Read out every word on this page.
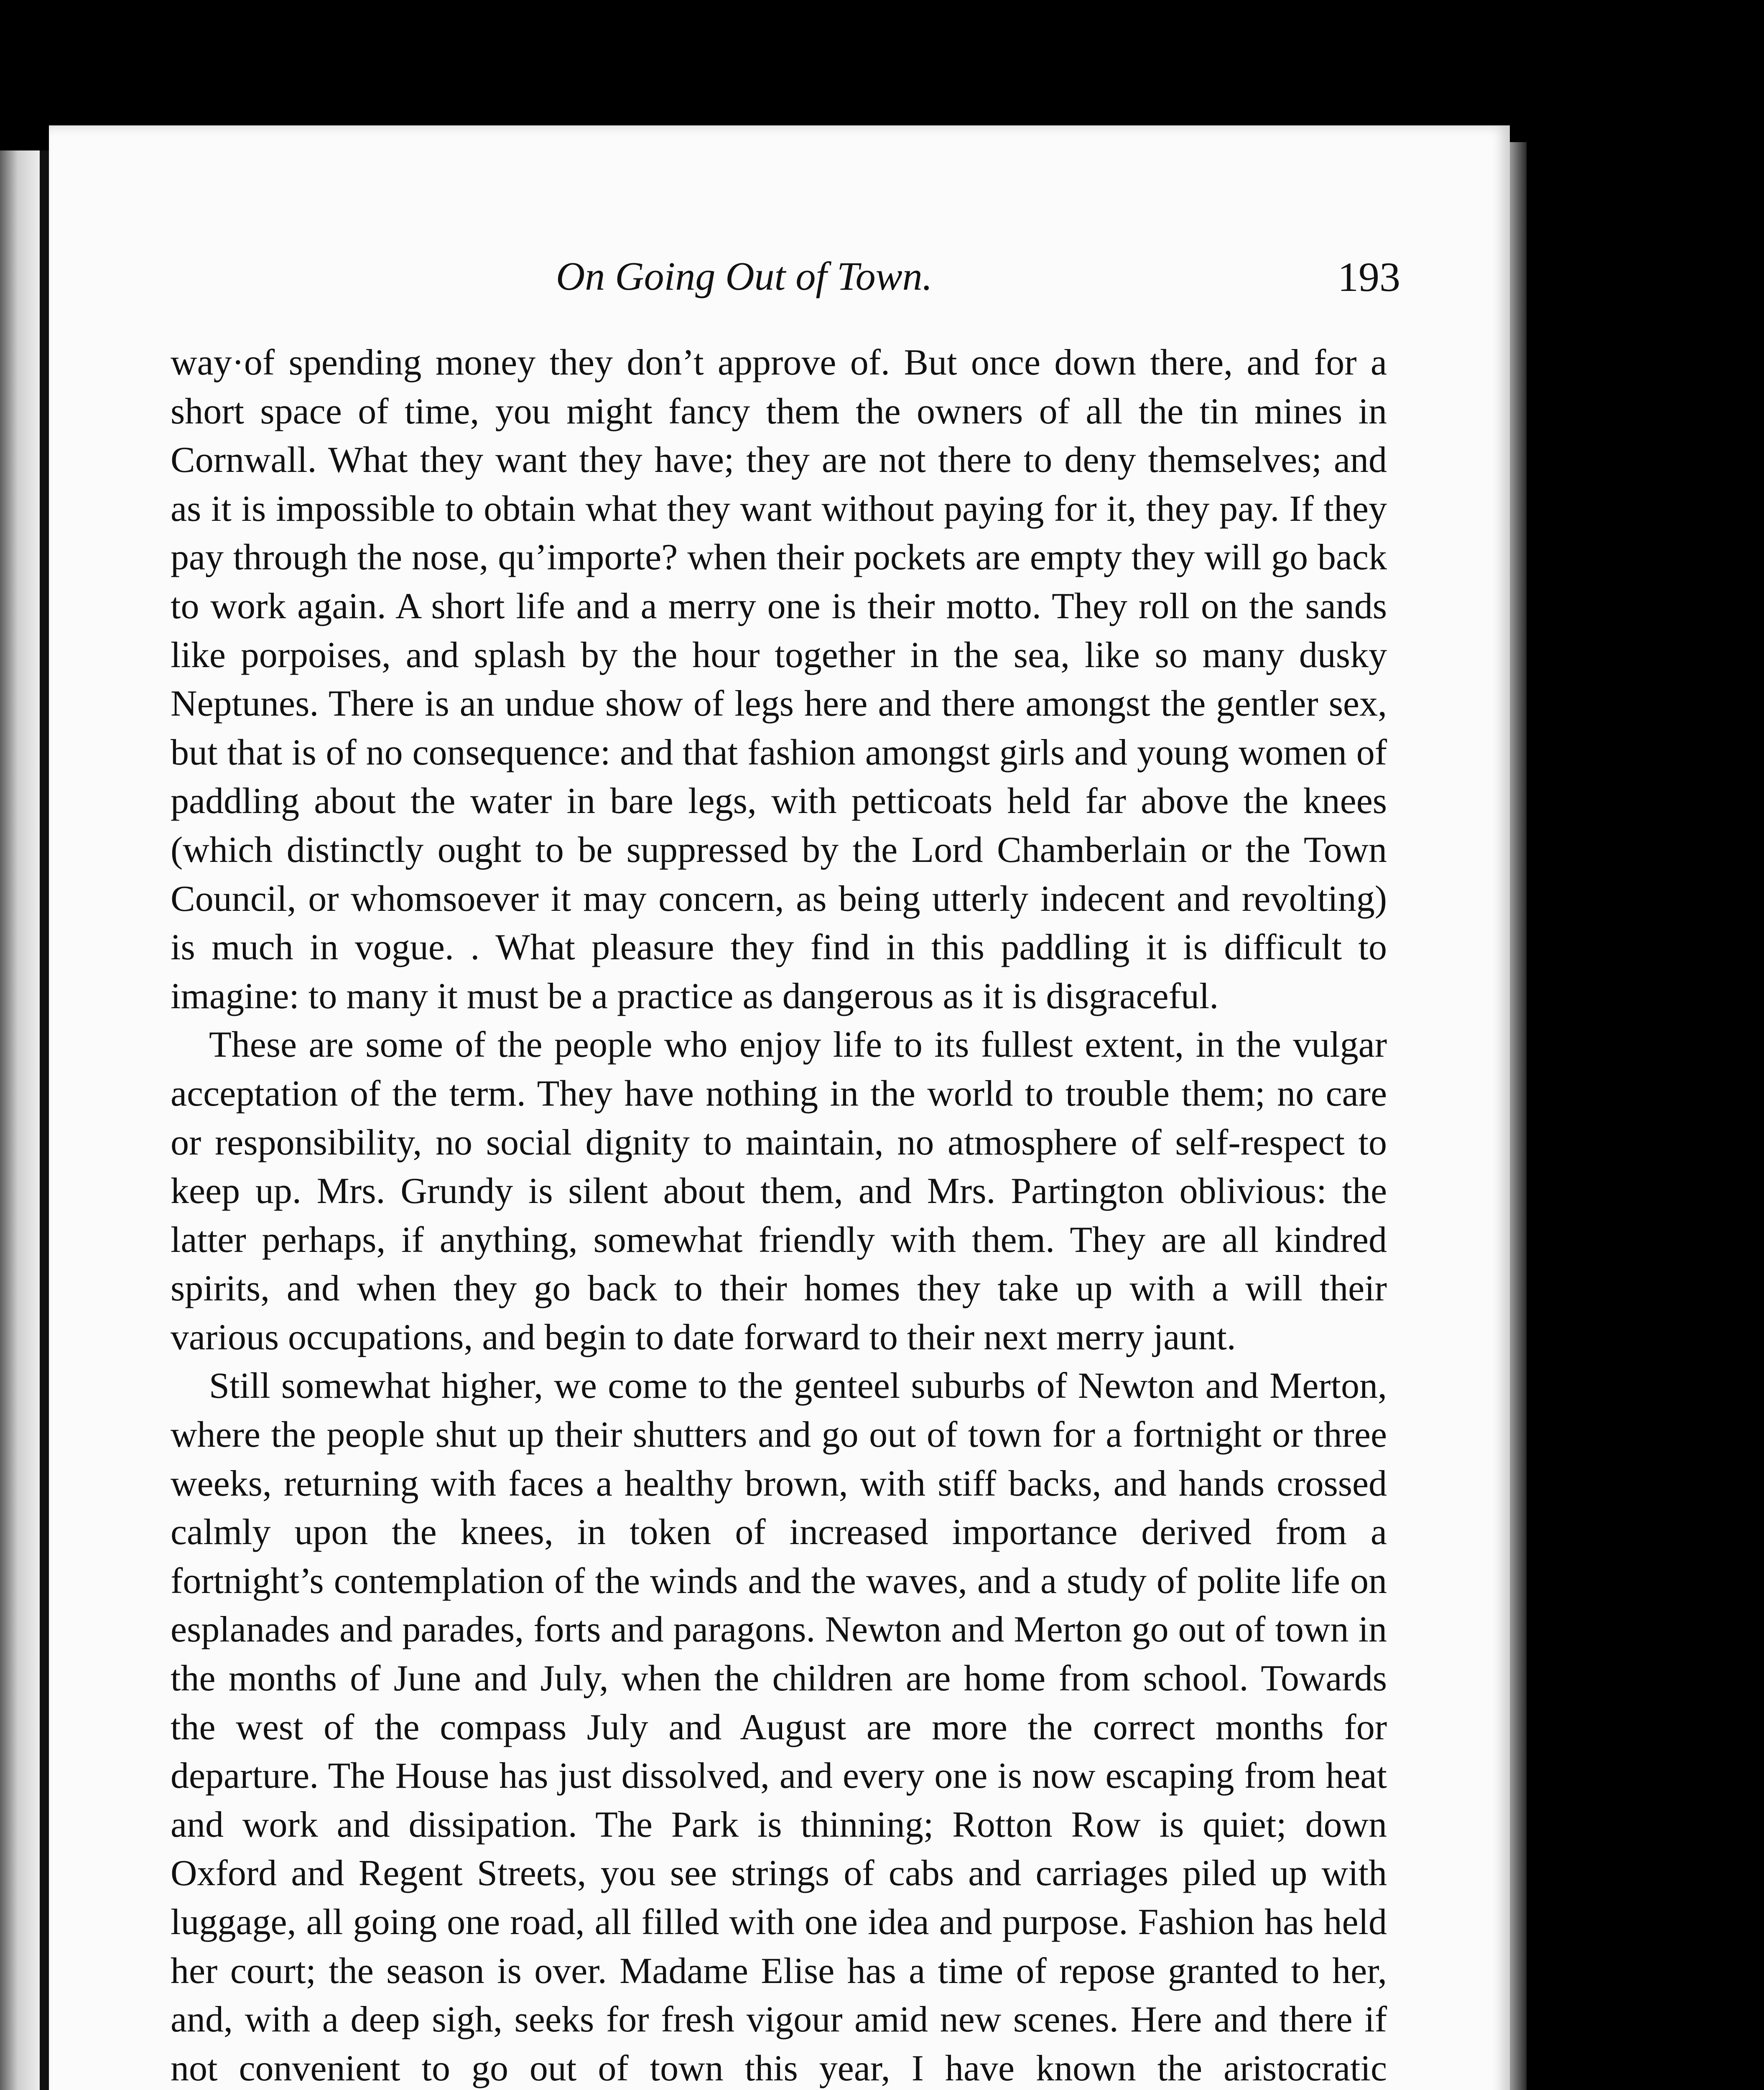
On Going Out of Town.	193

way·of spending money they don’t approve of. But once down there, and for a short space of time, you might fancy them the owners of all the tin mines in Cornwall. What they want they have; they are not there to deny themselves; and as it is impossible to obtain what they want without paying for it, they pay. If they pay through the nose, qu’importe? when their pockets are empty they will go back to work again. A short life and a merry one is their motto. They roll on the sands like porpoises, and splash by the hour together in the sea, like so many dusky Neptunes. There is an undue show of legs here and there amongst the gentler sex, but that is of no consequence: and that fashion amongst girls and young women of paddling about the water in bare legs, with petticoats held far above the knees (which distinctly ought to be suppressed by the Lord Chamberlain or the Town Council, or whomsoever it may concern, as being utterly indecent and revolting) is much in vogue. . What pleasure they find in this paddling it is difficult to imagine: to many it must be a practice as dangerous as it is disgraceful.

These are some of the people who enjoy life to its fullest extent, in the vulgar acceptation of the term. They have nothing in the world to trouble them; no care or responsibility, no social dignity to maintain, no atmosphere of self-respect to keep up. Mrs. Grundy is silent about them, and Mrs. Partington oblivious: the latter perhaps, if anything, somewhat friendly with them. They are all kindred spirits, and when they go back to their homes they take up with a will their various occupations, and begin to date forward to their next merry jaunt.

Still somewhat higher, we come to the genteel suburbs of Newton and Merton, where the people shut up their shutters and go out of town for a fortnight or three weeks, returning with faces a healthy brown, with stiff backs, and hands crossed calmly upon the knees, in token of increased importance derived from a fortnight’s contemplation of the winds and the waves, and a study of polite life on esplanades and parades, forts and paragons. Newton and Merton go out of town in the months of June and July, when the children are home from school. Towards the west of the compass July and August are more the correct months for departure. The House has just dissolved, and every one is now escaping from heat and work and dissipation. The Park is thinning; Rotton Row is quiet; down Oxford and Regent Streets, you see strings of cabs and carriages piled up with luggage, all going one road, all filled with one idea and purpose. Fashion has held her court; the season is over. Madame Elise has a time of repose granted to her, and, with a deep sigh, seeks for fresh vigour amid new scenes. Here and there if not convenient to go out of town this year, I have known the aristocratic
